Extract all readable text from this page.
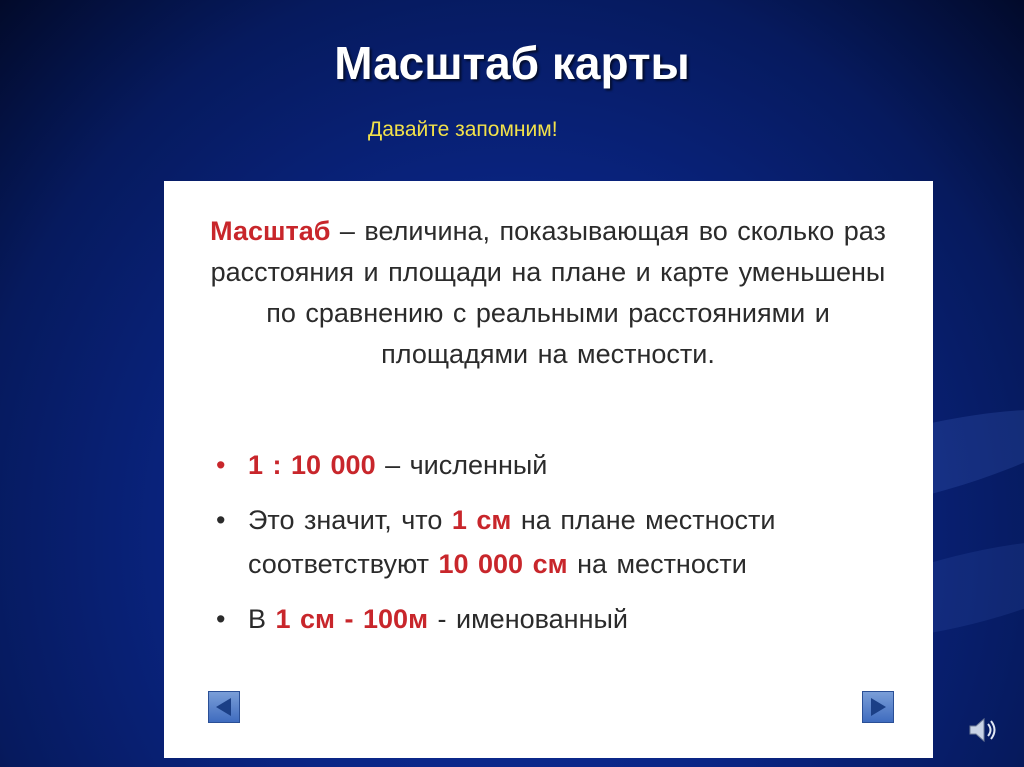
Масштаб карты
Давайте запомним!
Масштаб – величина, показывающая во сколько раз расстояния и площади на плане и карте уменьшены по сравнению с реальными расстояниями и площадями на местности.
• 1 : 10 000 – численный
• Это значит, что 1 см на плане местности соответствуют 10 000 см на местности
• В 1 см - 100м - именованный
